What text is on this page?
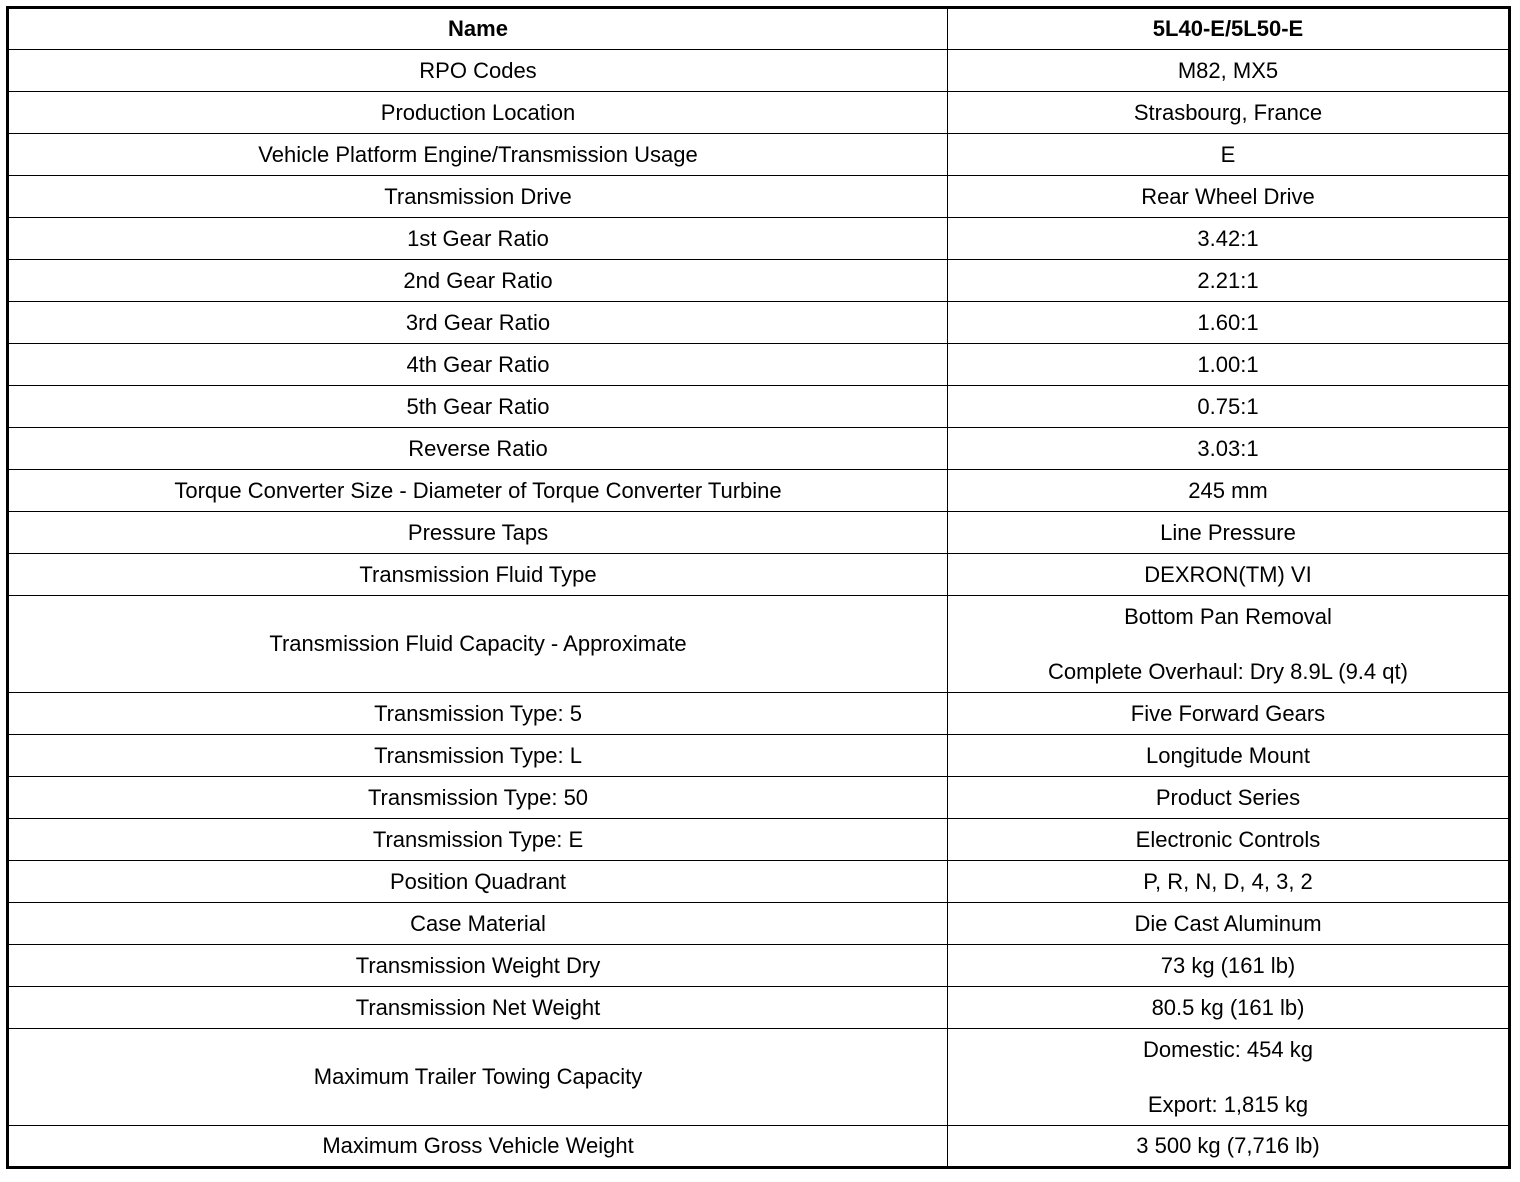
Name	5L40-E/5L50-E
RPO Codes	M82, MX5

Production Location	Strasbourg, France

Vehicle Platform Engine/Transmission Usage	E

Transmission Drive	Rear Wheel Drive

1st Gear Ratio	3.42:1

2nd Gear Ratio	2.21:1

3rd Gear Ratio	1.60:1

4th Gear Ratio	1.00:1

5th Gear Ratio	0.75:1

Reverse Ratio	3.03:1

Torque Converter Size - Diameter of Torque Converter Turbine	245 mm

Pressure Taps	Line Pressure

Transmission Fluid Type	DEXRON(TM) VI

Transmission Fluid Capacity - Approximate	Bottom Pan Removal
Complete Overhaul: Dry 8.9L (9.4 qt)

Transmission Type: 5	Five Forward Gears

Transmission Type: L	Longitude Mount

Transmission Type: 50	Product Series

Transmission Type: E	Electronic Controls

Position Quadrant	P, R, N, D, 4, 3, 2

Case Material	Die Cast Aluminum

Transmission Weight Dry	73 kg (161 lb)

Transmission Net Weight	80.5 kg (161 lb)

Maximum Trailer Towing Capacity	Domestic: 454 kg
Export: 1,815 kg

Maximum Gross Vehicle Weight	3 500 kg (7,716 lb)
